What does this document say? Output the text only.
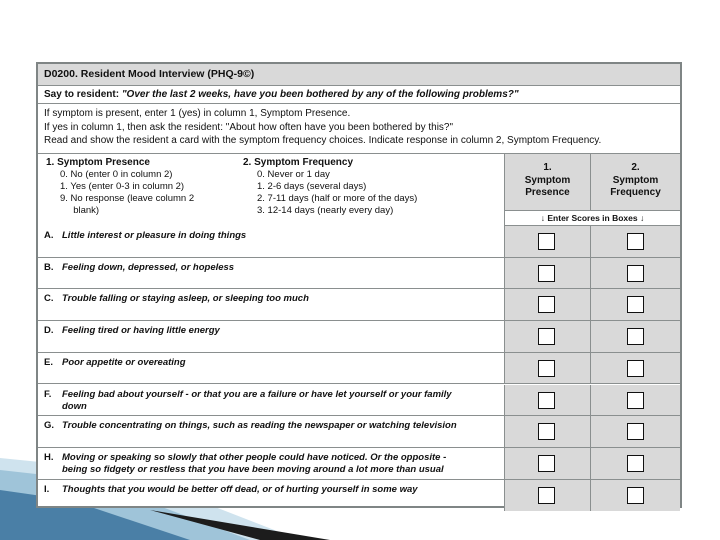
D0200. Resident Mood Interview (PHQ-9©)
Say to resident: "Over the last 2 weeks, have you been bothered by any of the following problems?"
If symptom is present, enter 1 (yes) in column 1, Symptom Presence.
If yes in column 1, then ask the resident: "About how often have you been bothered by this?"
Read and show the resident a card with the symptom frequency choices. Indicate response in column 2, Symptom Frequency.
1. Symptom Presence
0. No (enter 0 in column 2)
1. Yes (enter 0-3 in column 2)
9. No response (leave column 2
blank)
2. Symptom Frequency
0. Never or 1 day
1. 2-6 days (several days)
2. 7-11 days (half or more of the days)
3. 12-14 days (nearly every day)
1.
Symptom
Presence
2.
Symptom
Frequency
↓ Enter Scores in Boxes ↓
A. Little interest or pleasure in doing things
B. Feeling down, depressed, or hopeless
C. Trouble falling or staying asleep, or sleeping too much
D. Feeling tired or having little energy
E. Poor appetite or overeating
F. Feeling bad about yourself - or that you are a failure or have let yourself or your family
down
G. Trouble concentrating on things, such as reading the newspaper or watching television
H. Moving or speaking so slowly that other people could have noticed. Or the opposite -
being so fidgety or restless that you have been moving around a lot more than usual
I. Thoughts that you would be better off dead, or of hurting yourself in some way
